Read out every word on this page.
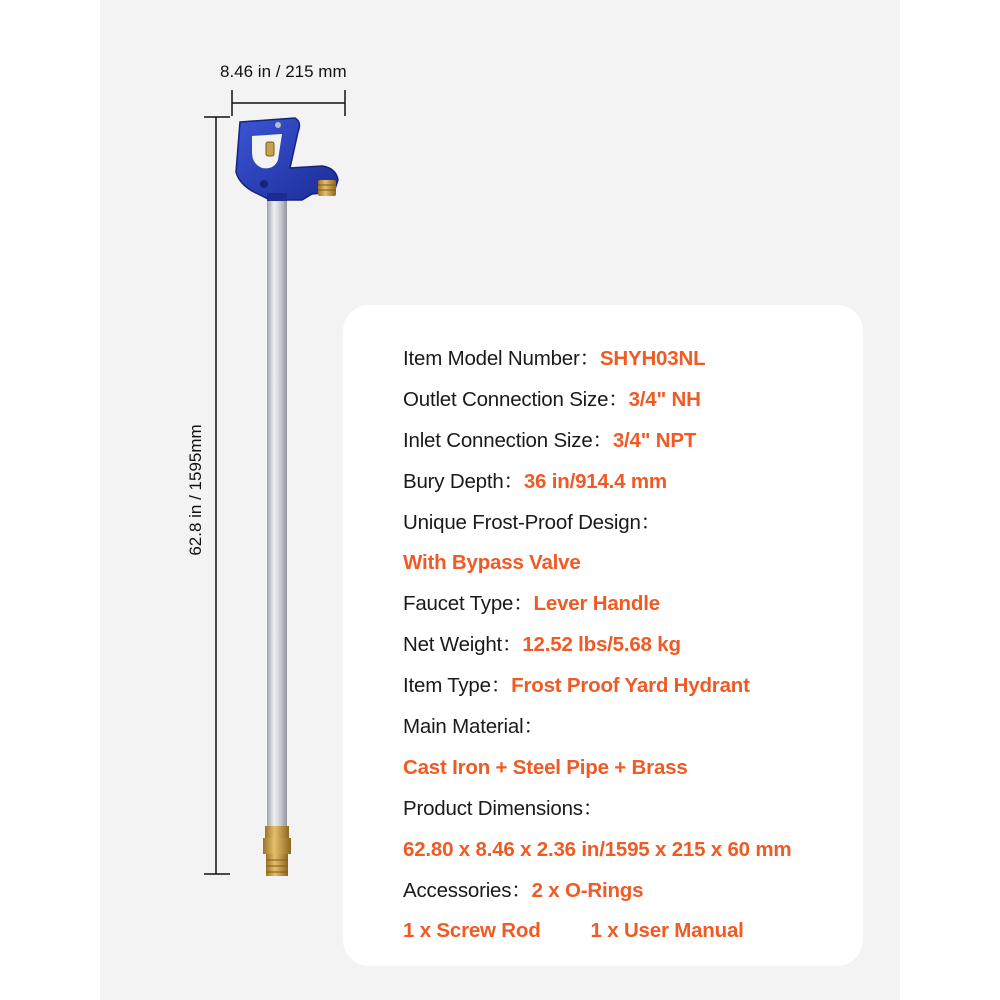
8.46 in / 215 mm
62.8 in / 1595mm
Item Model Number：SHYH03NL
Outlet Connection Size：3/4" NH
Inlet Connection Size：3/4" NPT
Bury Depth：36 in/914.4 mm
Unique Frost-Proof Design：
With Bypass Valve
Faucet Type：Lever Handle
Net Weight：12.52 lbs/5.68 kg
Item Type：Frost Proof Yard Hydrant
Main Material：
Cast Iron + Steel Pipe + Brass
Product Dimensions：
62.80 x 8.46 x 2.36 in/1595 x 215 x 60 mm
Accessories：2 x O-Rings
1 x Screw Rod 1 x User Manual
